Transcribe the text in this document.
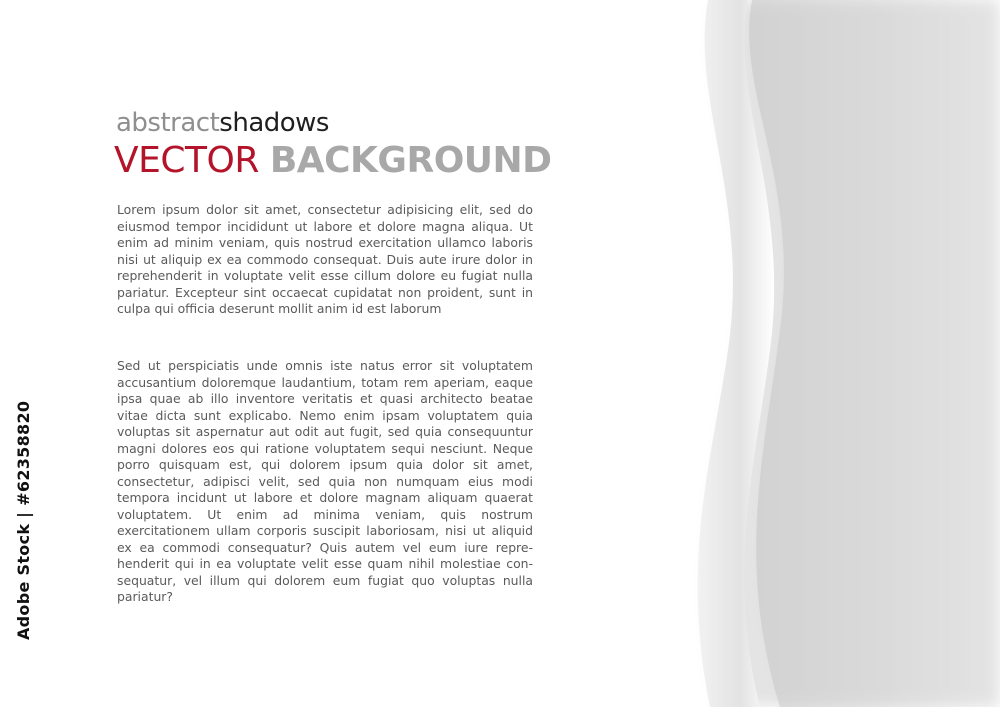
abstractshadows
VECTOR BACKGROUND

Lorem ipsum dolor sit amet, consectetur adipisicing elit, sed do eiusmod tempor incididunt ut labore et dolore magna aliqua. Ut enim ad minim veniam, quis nostrud exercitation ullamco laboris nisi ut aliquip ex ea commodo consequat. Duis aute irure dolor in reprehenderit in voluptate velit esse cillum dolore eu fugiat nulla pariatur. Excepteur sint occaecat cupidatat non proident, sunt in culpa qui officia deserunt mollit anim id est laborum

Sed ut perspiciatis unde omnis iste natus error sit voluptatem accusantium doloremque laudantium, totam rem aperiam, eaque ipsa quae ab illo inventore veritatis et quasi architecto beatae vitae dicta sunt explicabo. Nemo enim ipsam voluptatem quia voluptas sit aspernatur aut odit aut fugit, sed quia consequuntur magni dolores eos qui ratione voluptatem sequi nesciunt. Neque porro quisquam est, qui dolorem ipsum quia dolor sit amet, consectetur, adipisci velit, sed quia non numquam eius modi tempora incidunt ut labore et dolore magnam aliquam quaerat voluptatem. Ut enim ad minima veniam, quis nostrum exercitationem ullam corporis suscipit laboriosam, nisi ut aliquid ex ea commodi consequatur? Quis autem vel eum iure reprehenderit qui in ea voluptate velit esse quam nihil molestiae consequatur, vel illum qui dolorem eum fugiat quo voluptas nulla pariatur?

Adobe Stock | #62358820
